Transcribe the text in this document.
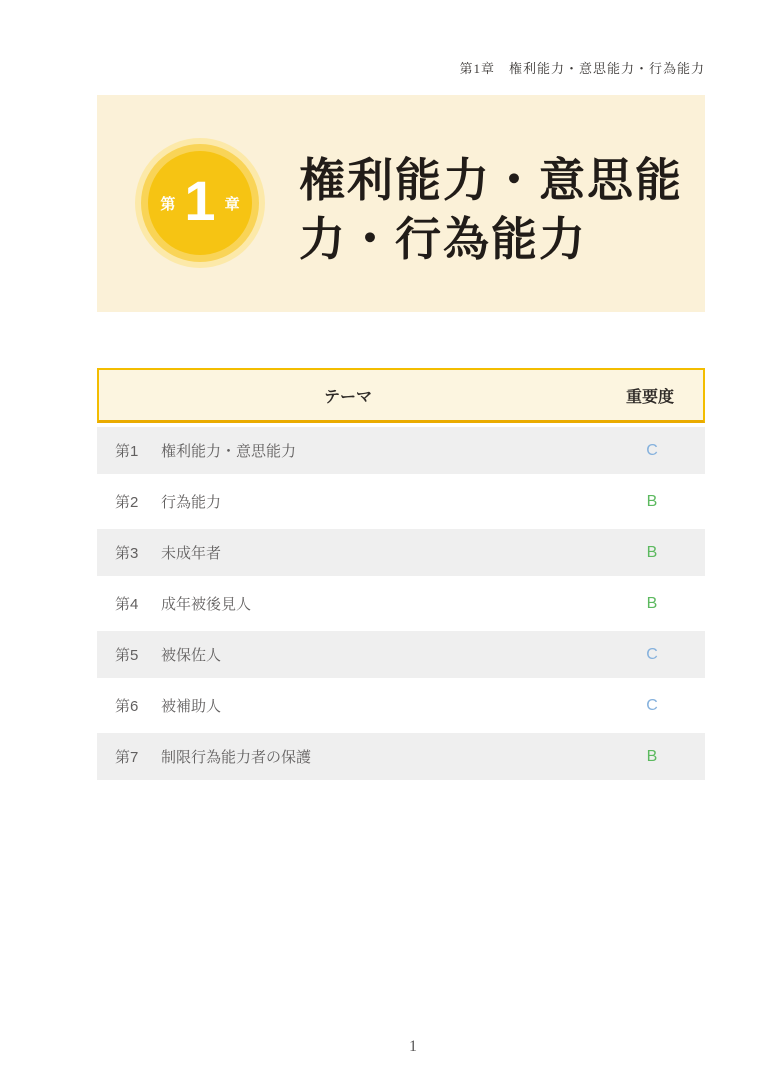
第1章　権利能力・意思能力・行為能力
第 1 章 権利能力・意思能
力・行為能力
テーマ	重要度
第1	権利能力・意思能力	C
第2	行為能力	B
第3	未成年者	B
第4	成年被後見人	B
第5	被保佐人	C
第6	被補助人	C
第7	制限行為能力者の保護	B
1
